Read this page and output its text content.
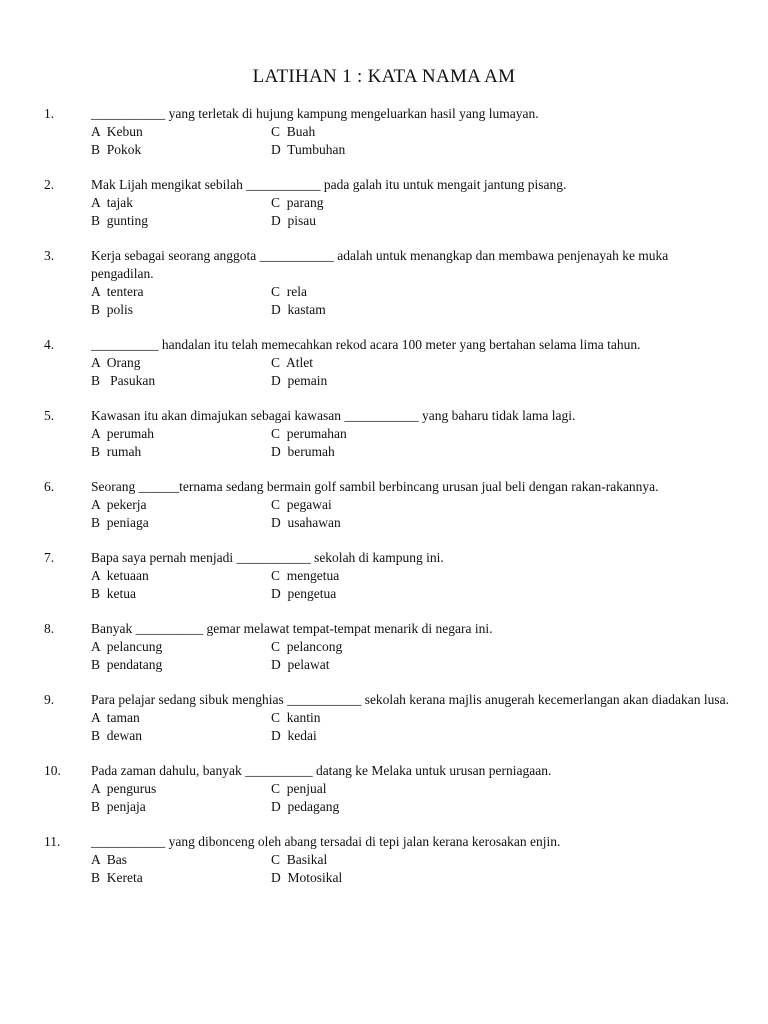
LATIHAN 1 : KATA NAMA AM
1.	___________ yang terletak di hujung kampung mengeluarkan hasil yang lumayan.
A  Kebun	C  Buah
B  Pokok	D  Tumbuhan
2.	Mak Lijah mengikat sebilah ___________ pada galah itu untuk mengait jantung pisang.
A  tajak	C  parang
B  gunting	D  pisau
3.	Kerja sebagai seorang anggota ___________ adalah untuk menangkap dan membawa penjenayah ke muka pengadilan.
A  tentera	C  rela
B  polis	D  kastam
4.	__________ handalan itu telah memecahkan rekod acara 100 meter yang bertahan selama lima tahun.
A  Orang	C  Atlet
B   Pasukan	D  pemain
5.	Kawasan itu akan dimajukan sebagai kawasan ___________ yang baharu tidak lama lagi.
A  perumah	C  perumahan
B  rumah	D  berumah
6.	Seorang ______ternama sedang bermain golf sambil berbincang urusan jual beli dengan rakan-rakannya.
A  pekerja	C  pegawai
B  peniaga	D  usahawan
7.	Bapa saya pernah menjadi ___________ sekolah di kampung ini.
A  ketuaan	C  mengetua
B  ketua	D  pengetua
8.	Banyak __________ gemar melawat tempat-tempat menarik di negara ini.
A  pelancung	C  pelancong
B  pendatang	D  pelawat
9.	Para pelajar sedang sibuk menghias ___________ sekolah kerana majlis anugerah kecemerlangan akan diadakan lusa.
A  taman	C  kantin
B  dewan	D  kedai
10. Pada zaman dahulu, banyak __________ datang ke Melaka untuk urusan perniagaan.
A  pengurus	C  penjual
B  penjaja	D  pedagang
11. ___________ yang dibonceng oleh abang tersadai di tepi jalan kerana kerosakan enjin.
A  Bas	C  Basikal
B  Kereta	D  Motosikal
